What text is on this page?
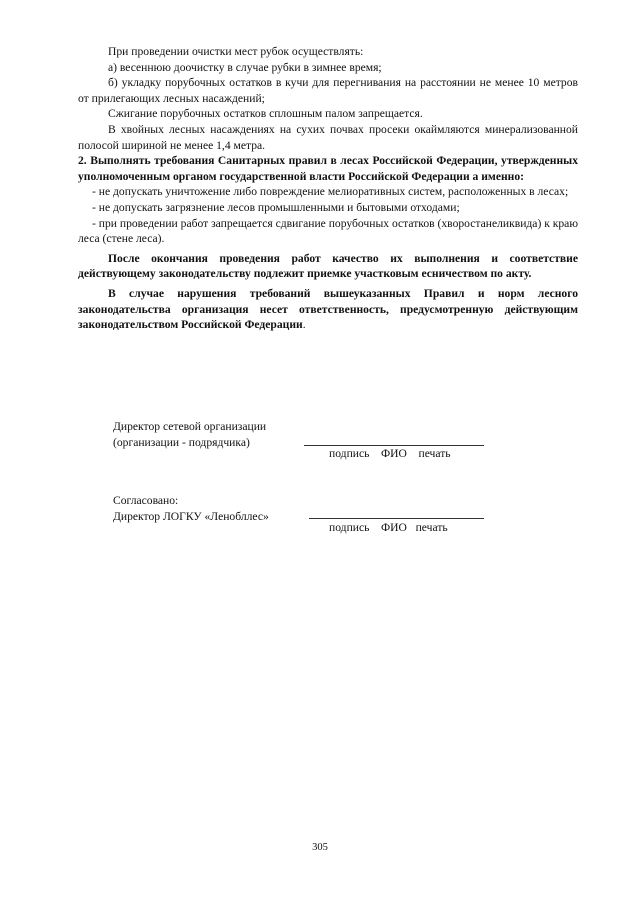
При проведении очистки мест рубок осуществлять:

а) весеннюю доочистку в случае рубки в зимнее время;

б) укладку порубочных остатков в кучи для перегнивания на расстоянии не менее 10 метров от прилегающих лесных насаждений;

Сжигание порубочных остатков сплошным палом запрещается.

В хвойных лесных насаждениях на сухих почвах просеки окаймляются минерализованной полосой шириной не менее 1,4 метра.

2. Выполнять требования Санитарных правил в лесах Российской Федерации, утвержденных уполномоченным органом государственной власти Российской Федерации а именно:

- не допускать уничтожение либо повреждение мелиоративных систем, расположенных в лесах;

- не допускать загрязнение лесов промышленными и бытовыми отходами;

- при проведении работ запрещается сдвигание порубочных остатков (хворостанеликвида) к краю леса (стене леса).

После окончания проведения работ качество их выполнения и соответствие действующему законодательству подлежит приемке участковым есничеством по акту.

В случае нарушения требований вышеуказанных Правил и норм лесного законодательства организация несет ответственность, предусмотренную действующим законодательством Российской Федерации.

Директор сетевой организации
(организации - подрядчика)
подпись    ФИО    печать
Согласовано:
Директор ЛОГКУ «Ленобллес»
подпись    ФИО   печать
305
